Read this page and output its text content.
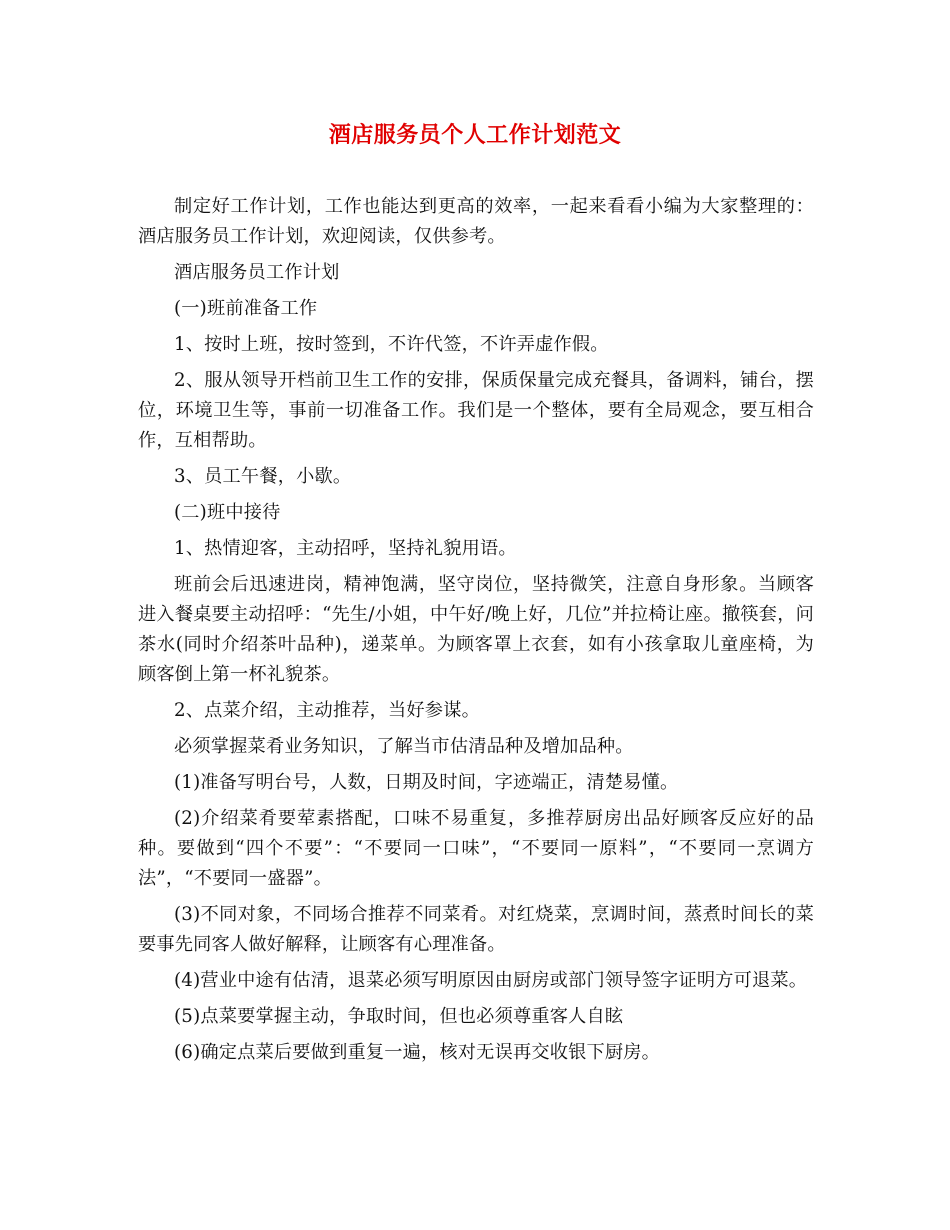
酒店服务员个人工作计划范文

制定好工作计划，工作也能达到更高的效率，一起来看看小编为大家整理的：酒店服务员工作计划，欢迎阅读，仅供参考。

酒店服务员工作计划

(一)班前准备工作

1、按时上班，按时签到，不许代签，不许弄虚作假。

2、服从领导开档前卫生工作的安排，保质保量完成充餐具，备调料，铺台，摆位，环境卫生等，事前一切准备工作。我们是一个整体，要有全局观念，要互相合作，互相帮助。

3、员工午餐，小歇。

(二)班中接待

1、热情迎客，主动招呼，坚持礼貌用语。

班前会后迅速进岗，精神饱满，坚守岗位，坚持微笑，注意自身形象。当顾客进入餐桌要主动招呼：“先生/小姐，中午好/晚上好，几位”并拉椅让座。撤筷套，问茶水(同时介绍茶叶品种)，递菜单。为顾客罩上衣套，如有小孩拿取儿童座椅，为顾客倒上第一杯礼貌茶。

2、点菜介绍，主动推荐，当好参谋。

必须掌握菜肴业务知识，了解当市估清品种及增加品种。

(1)准备写明台号，人数，日期及时间，字迹端正，清楚易懂。

(2)介绍菜肴要荤素搭配，口味不易重复，多推荐厨房出品好顾客反应好的品种。要做到“四个不要”：“不要同一口味”，“不要同一原料”，“不要同一烹调方法”，“不要同一盛器”。

(3)不同对象，不同场合推荐不同菜肴。对红烧菜，烹调时间，蒸煮时间长的菜要事先同客人做好解释，让顾客有心理准备。

(4)营业中途有估清，退菜必须写明原因由厨房或部门领导签字证明方可退菜。

(5)点菜要掌握主动，争取时间，但也必须尊重客人自眩

(6)确定点菜后要做到重复一遍，核对无误再交收银下厨房。
